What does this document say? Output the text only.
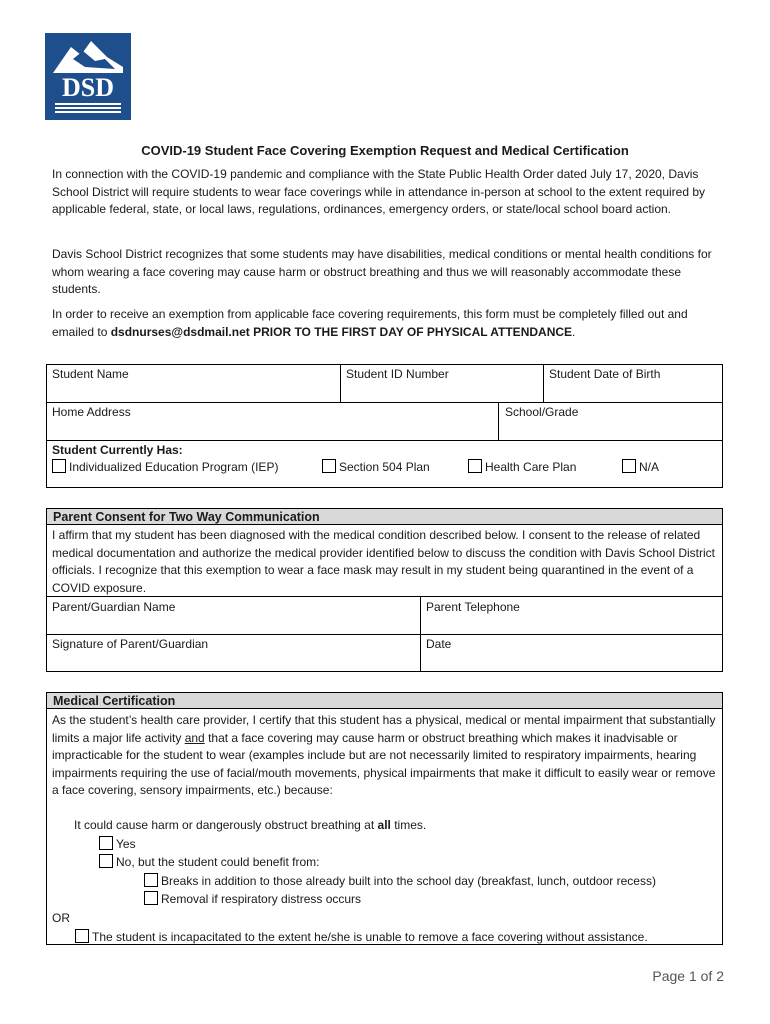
DSD
COVID-19 Student Face Covering Exemption Request and Medical Certification
In connection with the COVID-19 pandemic and compliance with the State Public Health Order dated July 17, 2020, Davis School District will require students to wear face coverings while in attendance in-person at school to the extent required by applicable federal, state, or local laws, regulations, ordinances, emergency orders, or state/local school board action.
Davis School District recognizes that some students may have disabilities, medical conditions or mental health conditions for whom wearing a face covering may cause harm or obstruct breathing and thus we will reasonably accommodate these students.
In order to receive an exemption from applicable face covering requirements, this form must be completely filled out and emailed to dsdnurses@dsdmail.net PRIOR TO THE FIRST DAY OF PHYSICAL ATTENDANCE.
Student Name	Student ID Number	Student Date of Birth
Home Address	School/Grade
Student Currently Has:
Individualized Education Program (IEP)	Section 504 Plan	Health Care Plan	N/A
Parent Consent for Two Way Communication
I affirm that my student has been diagnosed with the medical condition described below. I consent to the release of related medical documentation and authorize the medical provider identified below to discuss the condition with Davis School District officials. I recognize that this exemption to wear a face mask may result in my student being quarantined in the event of a COVID exposure.
Parent/Guardian Name	Parent Telephone
Signature of Parent/Guardian	Date
Medical Certification
As the student’s health care provider, I certify that this student has a physical, medical or mental impairment that substantially limits a major life activity and that a face covering may cause harm or obstruct breathing which makes it inadvisable or impracticable for the student to wear (examples include but are not necessarily limited to respiratory impairments, hearing impairments requiring the use of facial/mouth movements, physical impairments that make it difficult to easily wear or remove a face covering, sensory impairments, etc.) because:
It could cause harm or dangerously obstruct breathing at all times.
Yes
No, but the student could benefit from:
Breaks in addition to those already built into the school day (breakfast, lunch, outdoor recess)
Removal if respiratory distress occurs
OR
The student is incapacitated to the extent he/she is unable to remove a face covering without assistance.
Page 1 of 2
